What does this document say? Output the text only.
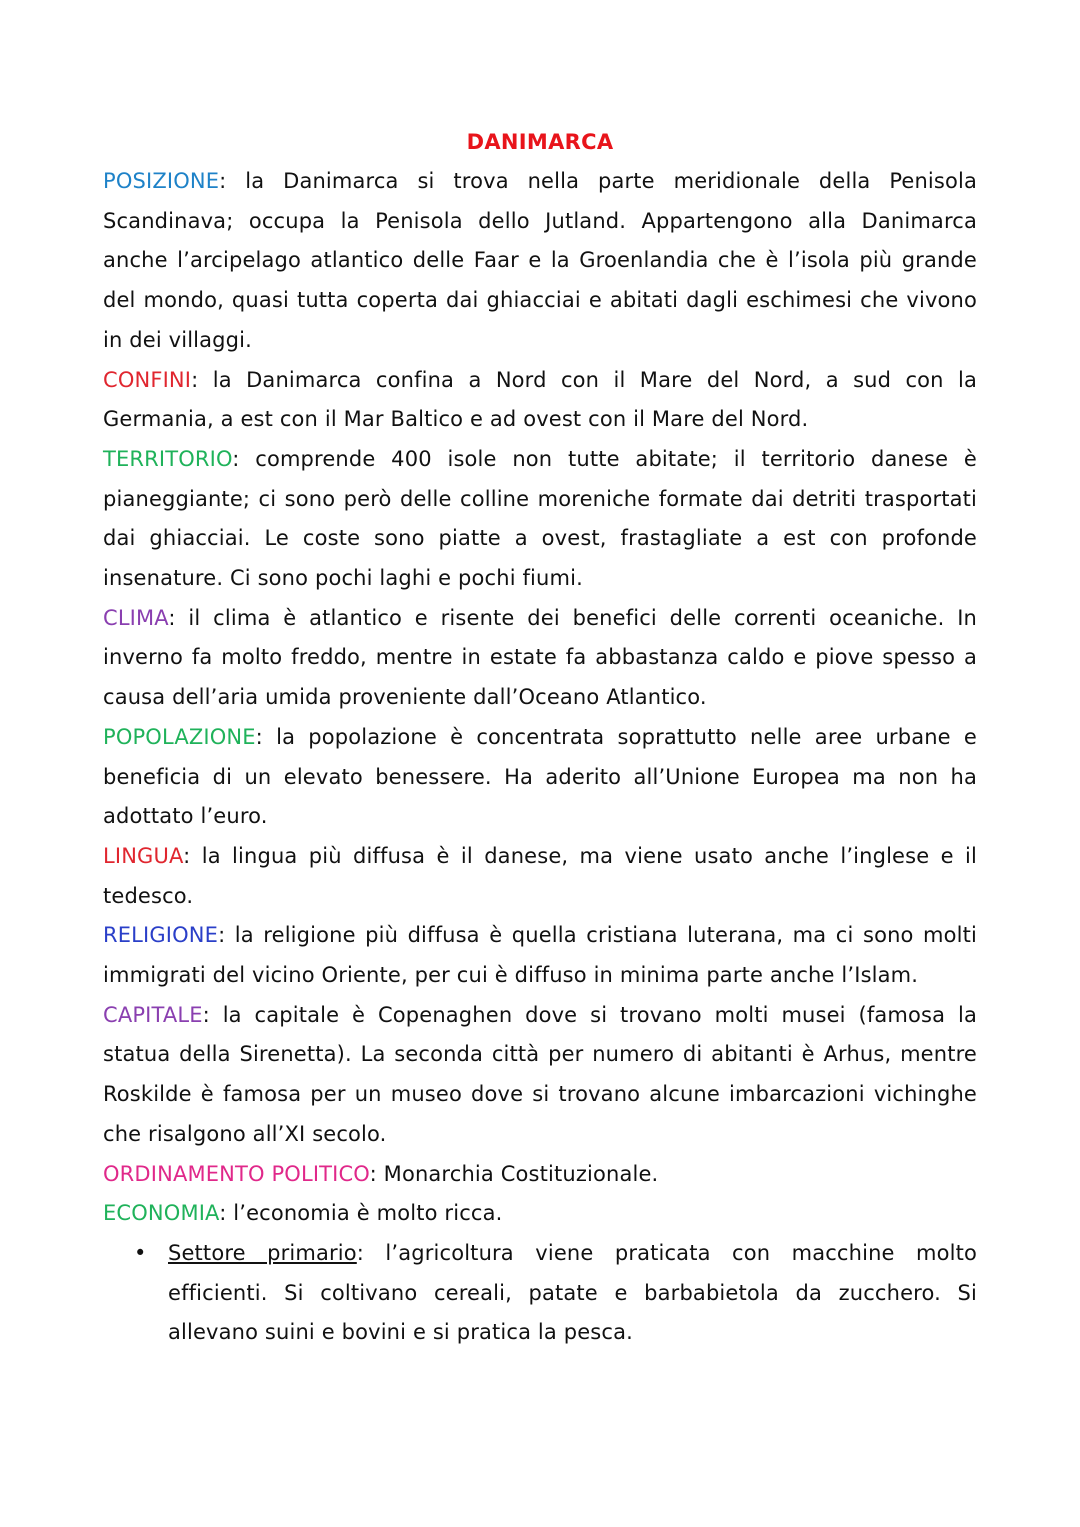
DANIMARCA

POSIZIONE: la Danimarca si trova nella parte meridionale della Penisola Scandinava; occupa la Penisola dello Jutland. Appartengono alla Danimarca anche l’arcipelago atlantico delle Faar e la Groenlandia che è l’isola più grande del mondo, quasi tutta coperta dai ghiacciai e abitati dagli eschimesi che vivono in dei villaggi.

CONFINI: la Danimarca confina a Nord con il Mare del Nord, a sud con la Germania, a est con il Mar Baltico e ad ovest con il Mare del Nord.

TERRITORIO: comprende 400 isole non tutte abitate; il territorio danese è pianeggiante; ci sono però delle colline moreniche formate dai detriti trasportati dai ghiacciai. Le coste sono piatte a ovest, frastagliate a est con profonde insenature. Ci sono pochi laghi e pochi fiumi.

CLIMA: il clima è atlantico e risente dei benefici delle correnti oceaniche. In inverno fa molto freddo, mentre in estate fa abbastanza caldo e piove spesso a causa dell’aria umida proveniente dall’Oceano Atlantico.

POPOLAZIONE: la popolazione è concentrata soprattutto nelle aree urbane e beneficia di un elevato benessere. Ha aderito all’Unione Europea ma non ha adottato l’euro.

LINGUA: la lingua più diffusa è il danese, ma viene usato anche l’inglese e il tedesco.

RELIGIONE: la religione più diffusa è quella cristiana luterana, ma ci sono molti immigrati del vicino Oriente, per cui è diffuso in minima parte anche l’Islam.

CAPITALE: la capitale è Copenaghen dove si trovano molti musei (famosa la statua della Sirenetta). La seconda città per numero di abitanti è Arhus, mentre Roskilde è famosa per un museo dove si trovano alcune imbarcazioni vichinghe che risalgono all’XI secolo.

ORDINAMENTO POLITICO: Monarchia Costituzionale.

ECONOMIA: l’economia è molto ricca.

• Settore primario: l’agricoltura viene praticata con macchine molto efficienti. Si coltivano cereali, patate e barbabietola da zucchero. Si allevano suini e bovini e si pratica la pesca.
